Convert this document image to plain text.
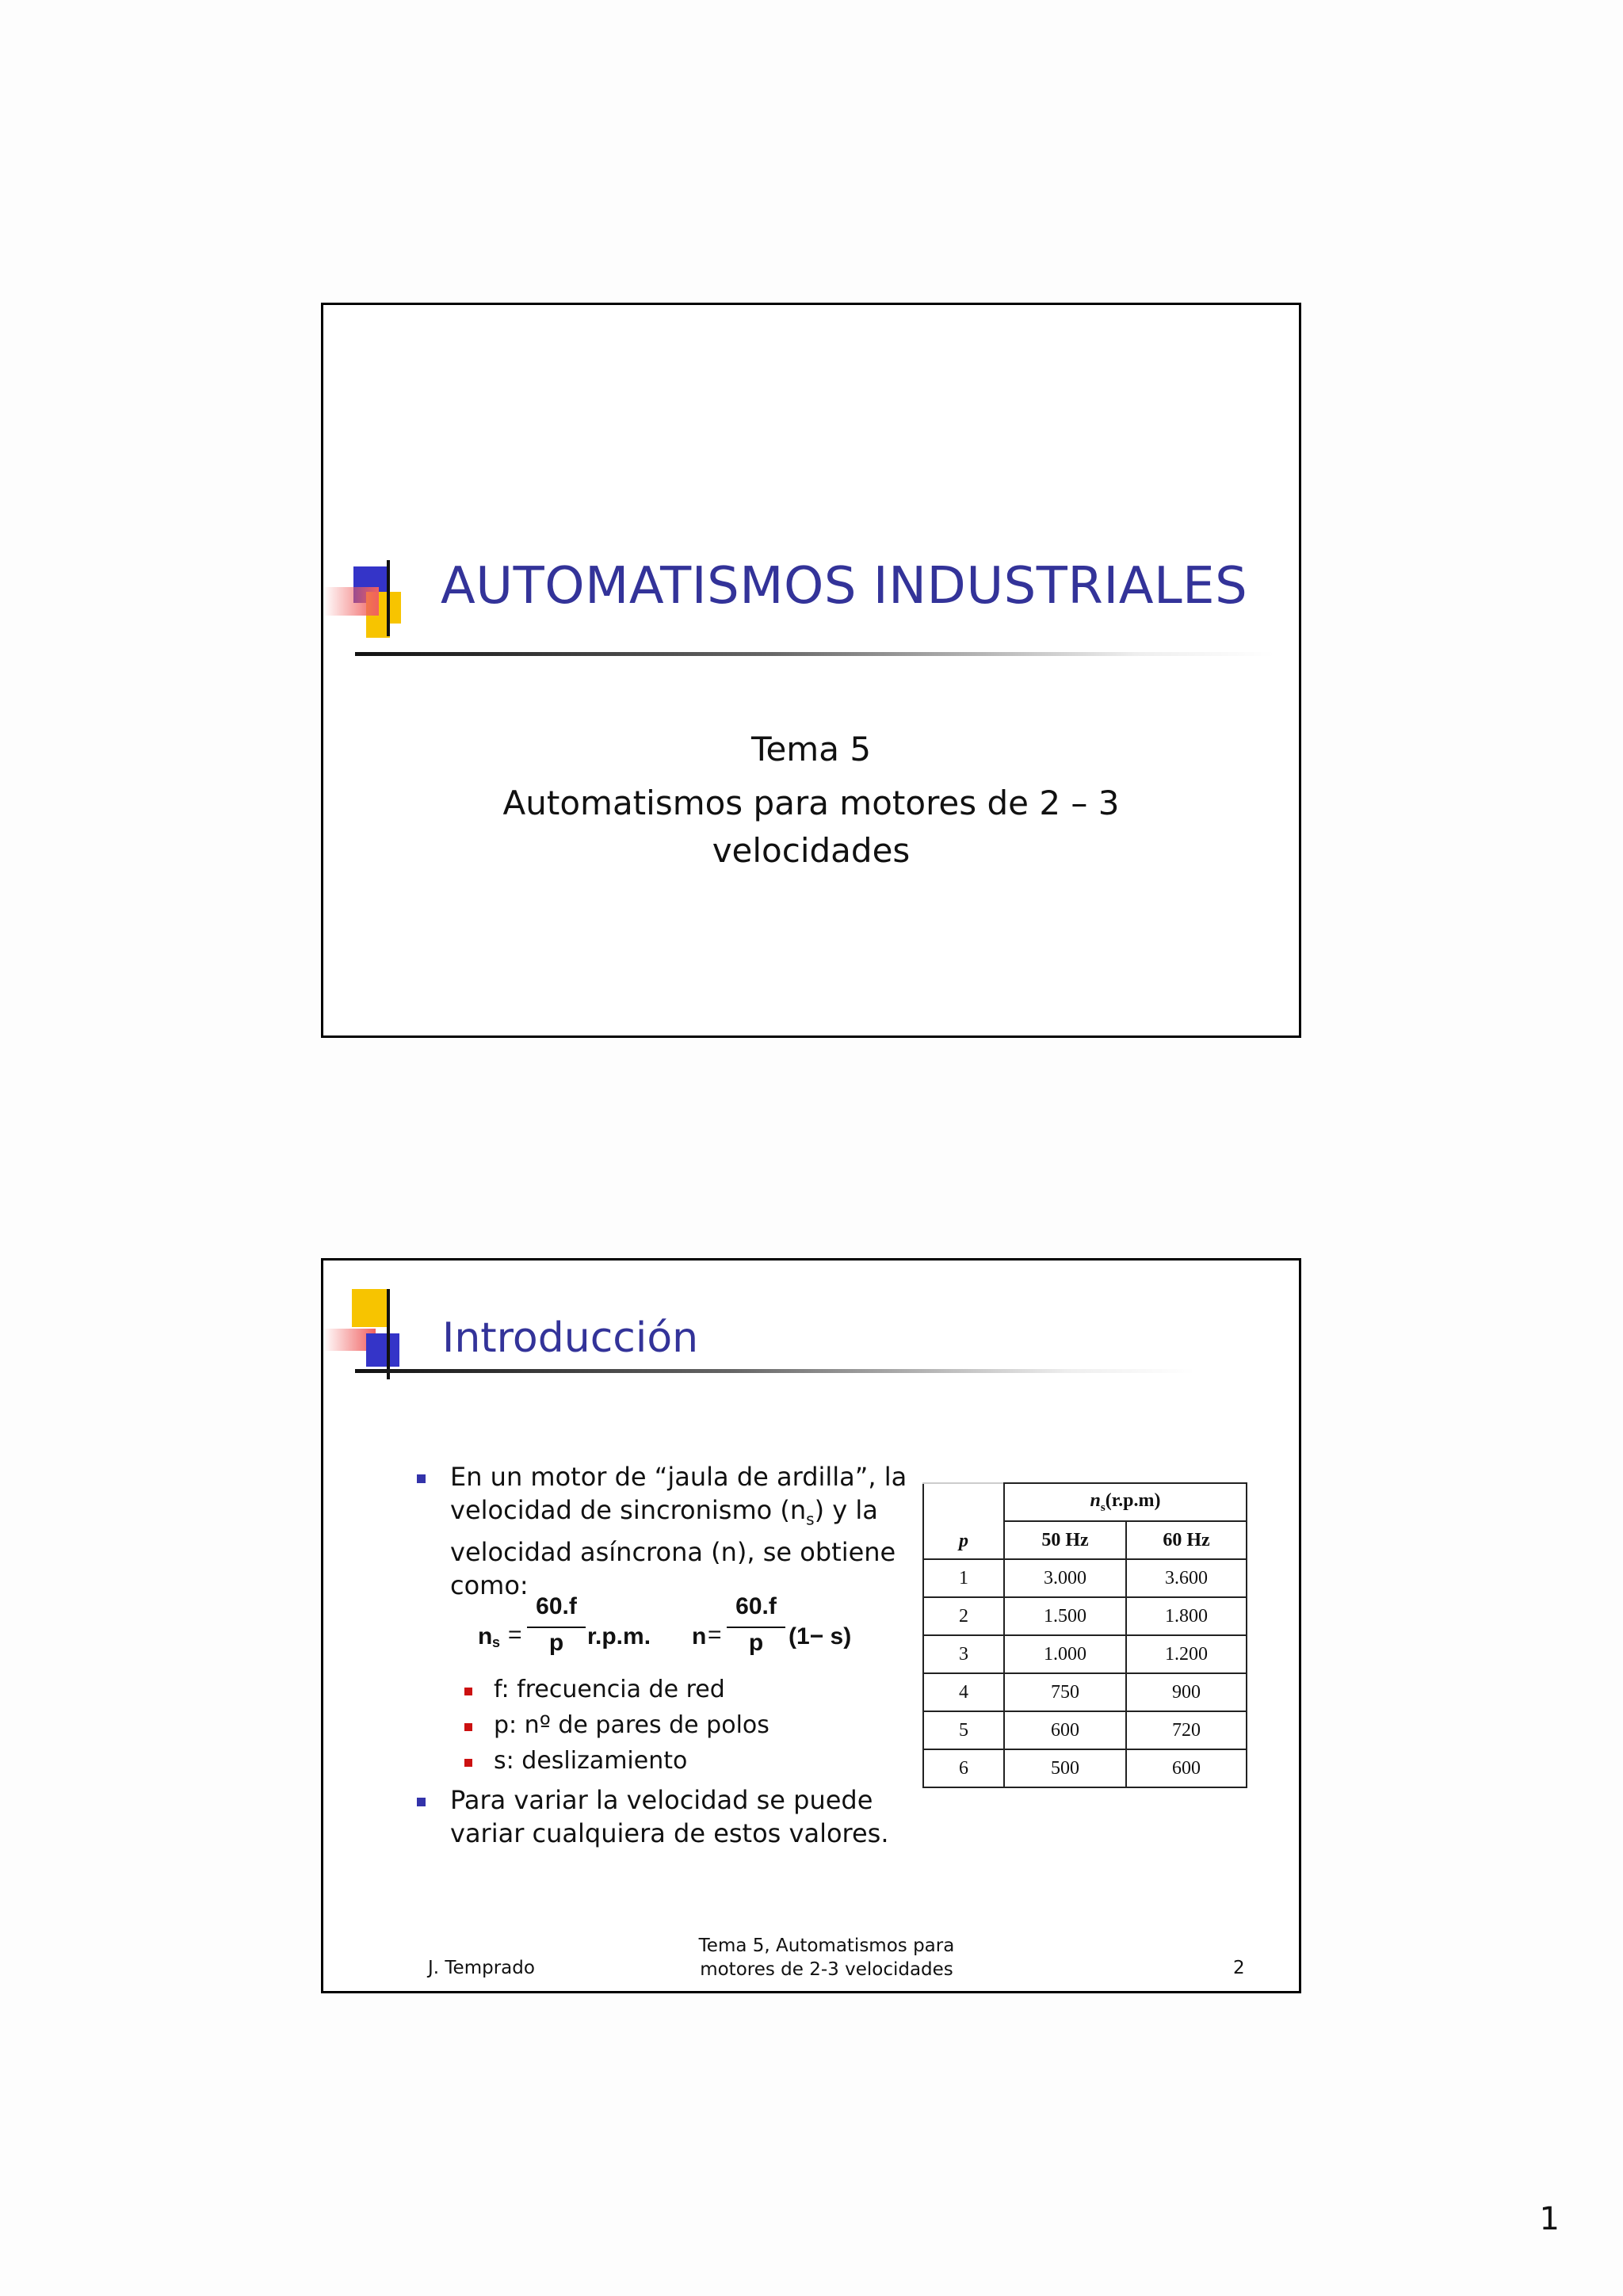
AUTOMATISMOS INDUSTRIALES
Tema 5
Automatismos para motores de 2 – 3
velocidades
Introducción
En un motor de “jaula de ardilla”, la
velocidad de sincronismo $(n_s)$ y la
velocidad asíncrona (n), se obtiene
como:
n s =
60.f
p r.p.m. n =
60.f
p	(1− s)
f: frecuencia de red
p: nº de pares de polos
s: deslizamiento
Para variar la velocidad se puede
variar cualquiera de estos valores.
p	$n_s(r.p.m)$	
	50 Hz	60 Hz
1	3.000	3.600
2	1.500	1.800
3	1.000	1.200
4	750	900
5	600	720
6	500	600
J. Temprado
Tema 5, Automatismos para
motores de 2-3 velocidades	2
1
